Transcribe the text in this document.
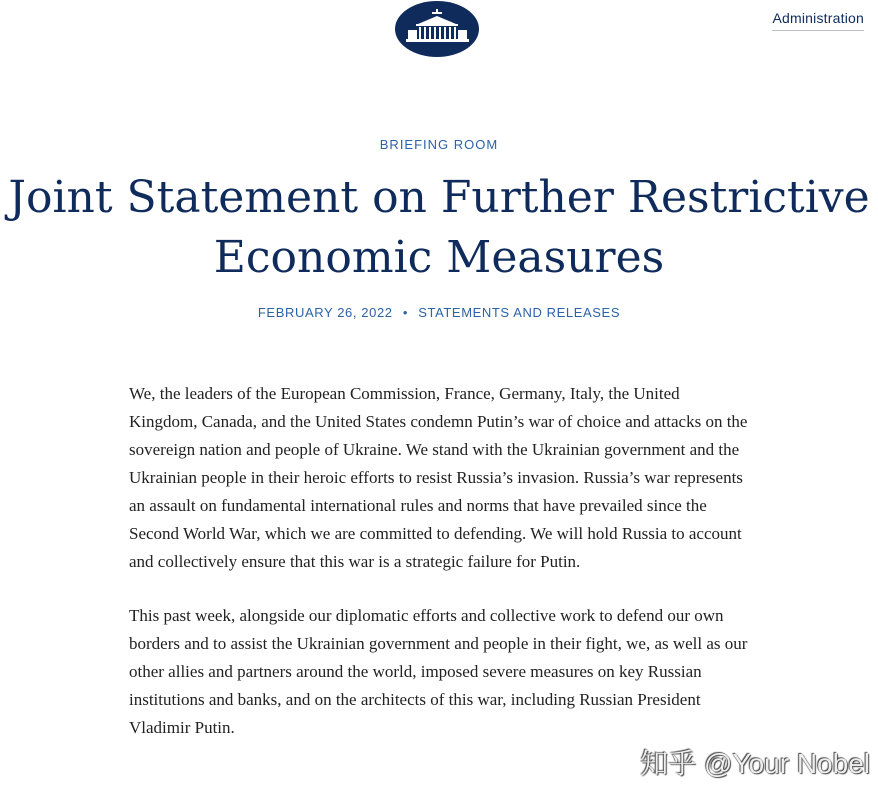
Administration
BRIEFING ROOM
Joint Statement on Further Restrictive
Economic Measures
FEBRUARY 26, 2022 • STATEMENTS AND RELEASES

We, the leaders of the European Commission, France, Germany, Italy, the United Kingdom, Canada, and the United States condemn Putin’s war of choice and attacks on the sovereign nation and people of Ukraine. We stand with the Ukrainian government and the Ukrainian people in their heroic efforts to resist Russia’s invasion. Russia’s war represents an assault on fundamental international rules and norms that have prevailed since the Second World War, which we are committed to defending. We will hold Russia to account and collectively ensure that this war is a strategic failure for Putin.

This past week, alongside our diplomatic efforts and collective work to defend our own borders and to assist the Ukrainian government and people in their fight, we, as well as our other allies and partners around the world, imposed severe measures on key Russian institutions and banks, and on the architects of this war, including Russian President Vladimir Putin.

知乎 @Your Nobel
